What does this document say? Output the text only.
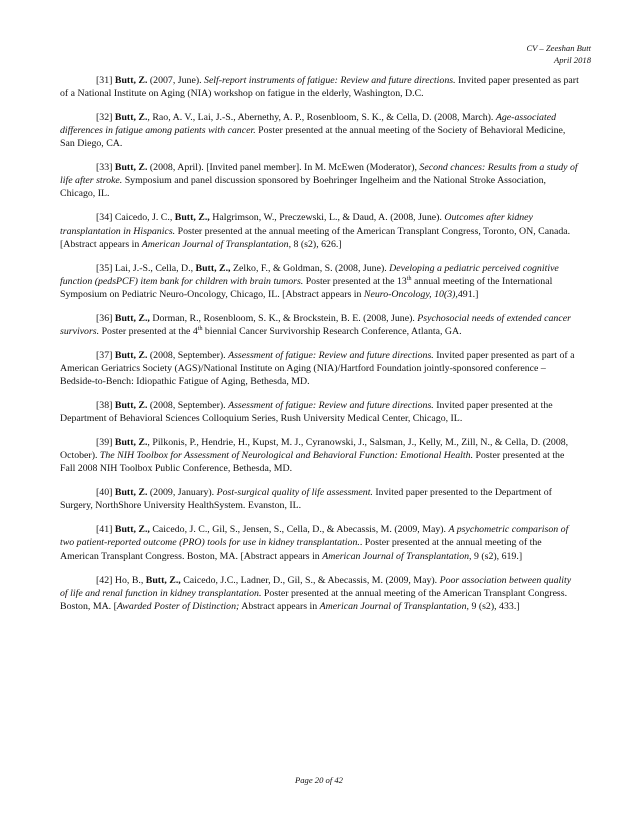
CV – Zeeshan Butt
April 2018

[31] Butt, Z. (2007, June). Self-report instruments of fatigue: Review and future directions. Invited paper presented as part of a National Institute on Aging (NIA) workshop on fatigue in the elderly, Washington, D.C.

[32] Butt, Z., Rao, A. V., Lai, J.-S., Abernethy, A. P., Rosenbloom, S. K., & Cella, D. (2008, March). Age-associated differences in fatigue among patients with cancer. Poster presented at the annual meeting of the Society of Behavioral Medicine, San Diego, CA.

[33] Butt, Z. (2008, April). [Invited panel member]. In M. McEwen (Moderator), Second chances: Results from a study of life after stroke. Symposium and panel discussion sponsored by Boehringer Ingelheim and the National Stroke Association, Chicago, IL.

[34] Caicedo, J. C., Butt, Z., Halgrimson, W., Preczewski, L., & Daud, A. (2008, June). Outcomes after kidney transplantation in Hispanics. Poster presented at the annual meeting of the American Transplant Congress, Toronto, ON, Canada. [Abstract appears in American Journal of Transplantation, 8 (s2), 626.]

[35] Lai, J.-S., Cella, D., Butt, Z., Zelko, F., & Goldman, S. (2008, June). Developing a pediatric perceived cognitive function (pedsPCF) item bank for children with brain tumors. Poster presented at the 13th annual meeting of the International Symposium on Pediatric Neuro-Oncology, Chicago, IL. [Abstract appears in Neuro-Oncology, 10(3),491.]

[36] Butt, Z., Dorman, R., Rosenbloom, S. K., & Brockstein, B. E. (2008, June). Psychosocial needs of extended cancer survivors. Poster presented at the 4th biennial Cancer Survivorship Research Conference, Atlanta, GA.

[37] Butt, Z. (2008, September). Assessment of fatigue: Review and future directions. Invited paper presented as part of a American Geriatrics Society (AGS)/National Institute on Aging (NIA)/Hartford Foundation jointly-sponsored conference – Bedside-to-Bench: Idiopathic Fatigue of Aging, Bethesda, MD.

[38] Butt, Z. (2008, September). Assessment of fatigue: Review and future directions. Invited paper presented at the Department of Behavioral Sciences Colloquium Series, Rush University Medical Center, Chicago, IL.

[39] Butt, Z., Pilkonis, P., Hendrie, H., Kupst, M. J., Cyranowski, J., Salsman, J., Kelly, M., Zill, N., & Cella, D. (2008, October). The NIH Toolbox for Assessment of Neurological and Behavioral Function: Emotional Health. Poster presented at the Fall 2008 NIH Toolbox Public Conference, Bethesda, MD.

[40] Butt, Z. (2009, January). Post-surgical quality of life assessment. Invited paper presented to the Department of Surgery, NorthShore University HealthSystem. Evanston, IL.

[41] Butt, Z., Caicedo, J. C., Gil, S., Jensen, S., Cella, D., & Abecassis, M. (2009, May). A psychometric comparison of two patient-reported outcome (PRO) tools for use in kidney transplantation.. Poster presented at the annual meeting of the American Transplant Congress. Boston, MA. [Abstract appears in American Journal of Transplantation, 9 (s2), 619.]

[42] Ho, B., Butt, Z., Caicedo, J.C., Ladner, D., Gil, S., & Abecassis, M. (2009, May). Poor association between quality of life and renal function in kidney transplantation. Poster presented at the annual meeting of the American Transplant Congress. Boston, MA. [Awarded Poster of Distinction; Abstract appears in American Journal of Transplantation, 9 (s2), 433.]

Page 20 of 42
